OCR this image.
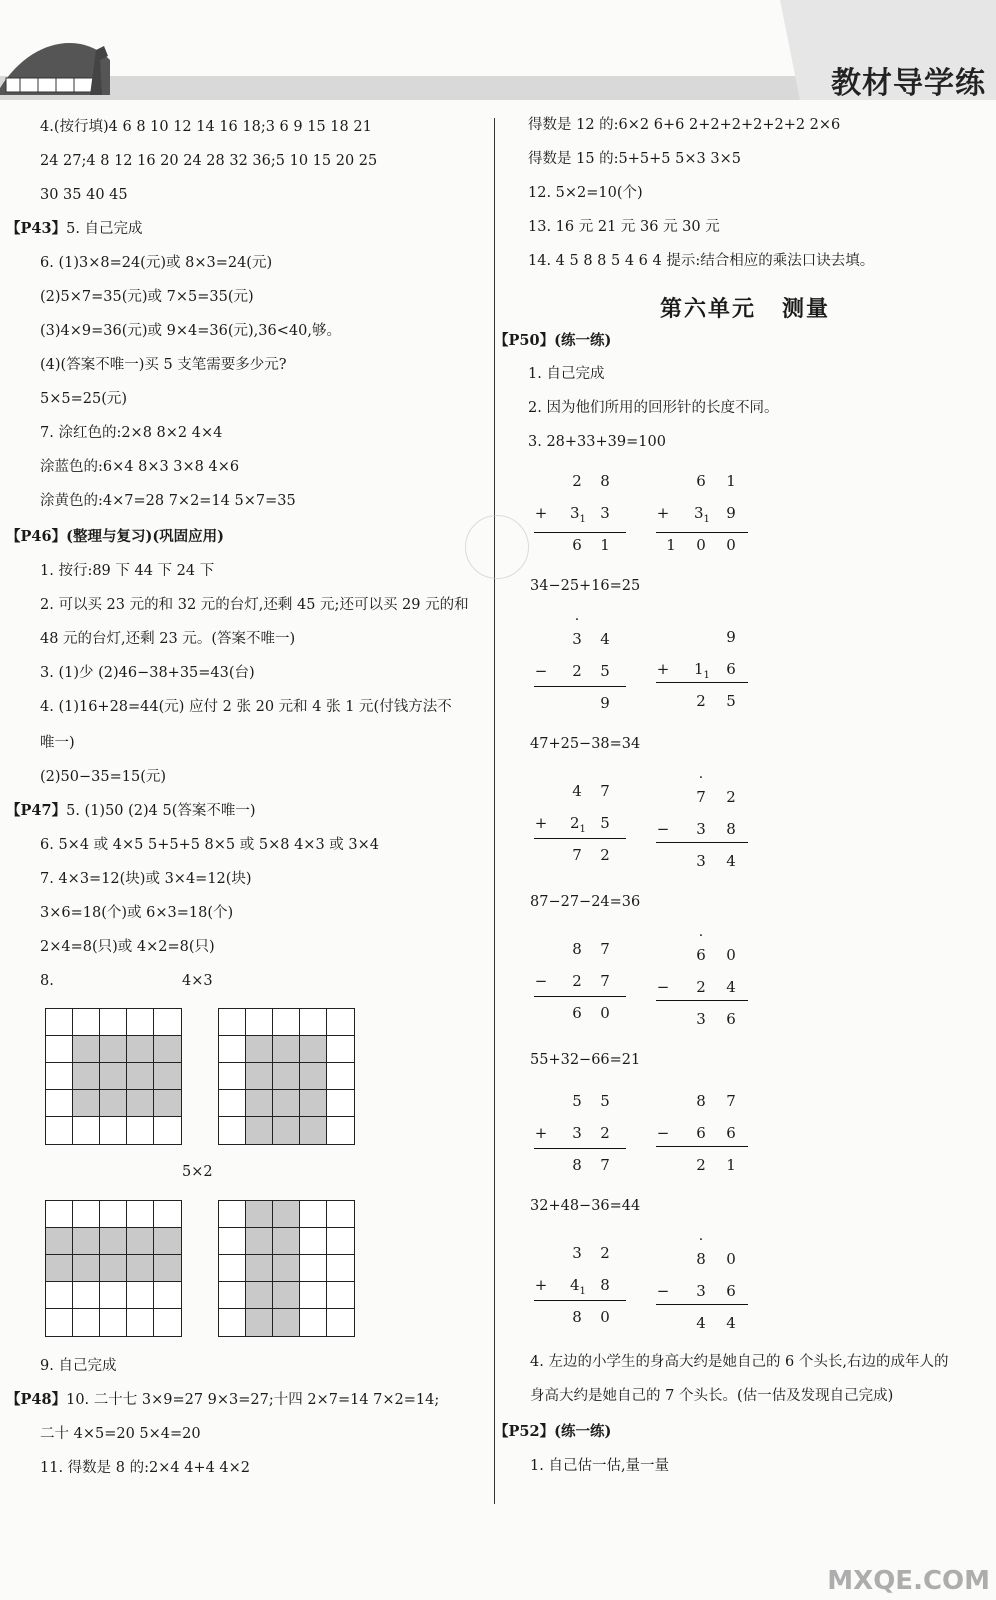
教材导学练
4.(按行填)4 6 8 10 12 14 16 18;3 6 9 15 18 21
24 27;4 8 12 16 20 24 28 32 36;5 10 15 20 25
30 35 40 45
【P43】5. 自己完成
6. (1)3×8=24(元)或 8×3=24(元)
(2)5×7=35(元)或 7×5=35(元)
(3)4×9=36(元)或 9×4=36(元),36<40,够。
(4)(答案不唯一)买 5 支笔需要多少元?
5×5=25(元)
7. 涂红色的:2×8 8×2 4×4
涂蓝色的:6×4 8×3 3×8 4×6
涂黄色的:4×7=28 7×2=14 5×7=35
【P46】(整理与复习)(巩固应用)
1. 按行:89 下 44 下 24 下
2. 可以买 23 元的和 32 元的台灯,还剩 45 元;还可以买 29 元的和
48 元的台灯,还剩 23 元。(答案不唯一)
3. (1)少 (2)46−38+35=43(台)
4. (1)16+28=44(元) 应付 2 张 20 元和 4 张 1 元(付钱方法不
唯一)
(2)50−35=15(元)
【P47】5. (1)50 (2)4 5(答案不唯一)
6. 5×4 或 4×5 5+5+5 8×5 或 5×8 4×3 或 3×4
7. 4×3=12(块)或 3×4=12(块)
3×6=18(个)或 6×3=18(个)
2×4=8(只)或 4×2=8(只)
8.	4×3
5×2
9. 自己完成
【P48】10. 二十七 3×9=27 9×3=27;十四 2×7=14 7×2=14;
二十 4×5=20 5×4=20
11. 得数是 8 的:2×4 4+4 4×2
得数是 12 的:6×2 6+6 2+2+2+2+2+2 2×6
得数是 15 的:5+5+5 5×3 3×5
12. 5×2=10(个)
13. 16 元 21 元 36 元 30 元
14. 4 5 8 8 5 4 6 4 提示:结合相应的乘法口诀去填。
第六单元 测量
【P50】(练一练)
1. 自己完成
2. 因为他们所用的回形针的长度不同。
3. 28+33+39=100
2 8
+ $3_1$ 3
6 1
6 1
+ $3_1$ 9
1 0 0
34−25+16=25
·
3 4
− 2 5
9
9
+ $1_1$ 6
2 5
47+25−38=34
4 7
+ $2_1$ 5
7 2
·
7 2
− 3 8
3 4
87−27−24=36
8 7
− 2 7
6 0
·
6 0
− 2 4
3 6
55+32−66=21
5 5
+ 3 2
8 7
8 7
− 6 6
2 1
32+48−36=44
3 2
+ $4_1$ 8
8 0
·
8 0
− 3 6
4 4
4. 左边的小学生的身高大约是她自己的 6 个头长,右边的成年人的
身高大约是她自己的 7 个头长。(估一估及发现自己完成)
【P52】(练一练)
1. 自己估一估,量一量
MXQE.COM
